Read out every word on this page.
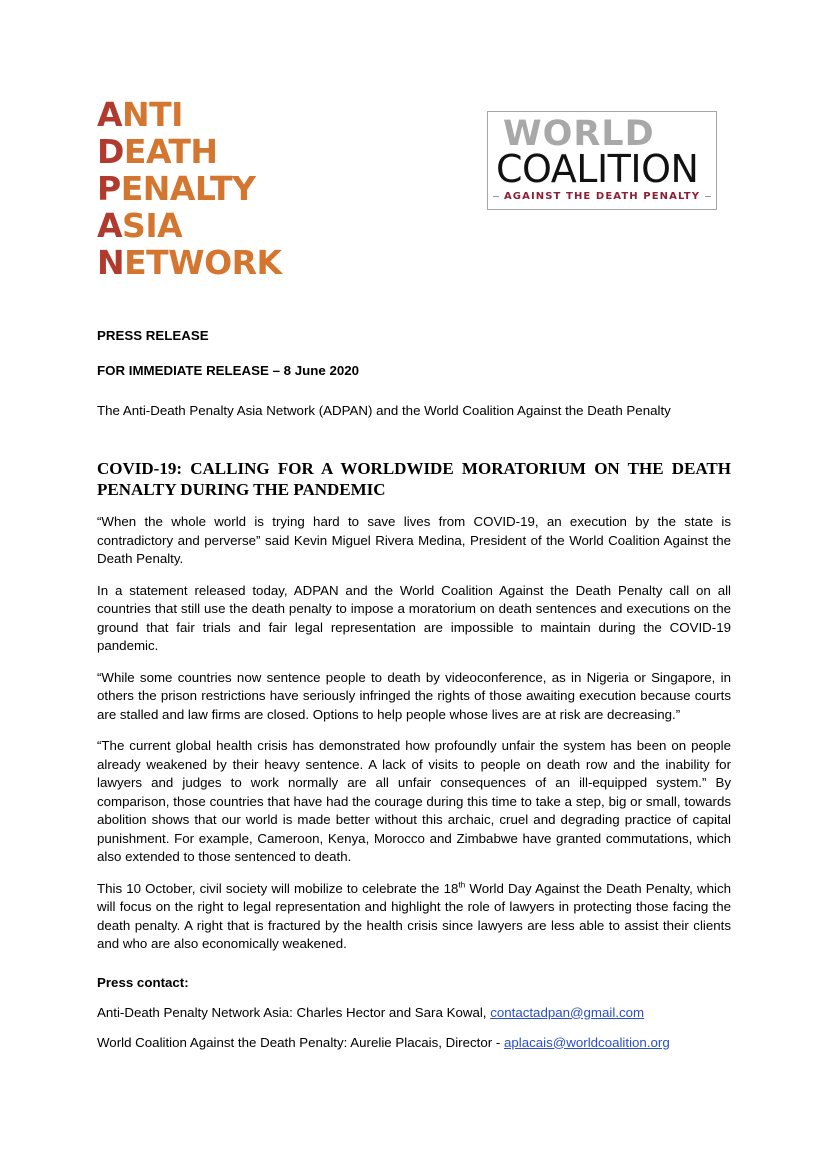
ANTI
DEATH
PENALTY
ASIA
NETWORK
WORLD
COALITION
AGAINST THE DEATH PENALTY

PRESS RELEASE

FOR IMMEDIATE RELEASE – 8 June 2020

The Anti-Death Penalty Asia Network (ADPAN) and the World Coalition Against the Death Penalty

COVID-19: CALLING FOR A WORLDWIDE MORATORIUM ON THE DEATH PENALTY DURING THE PANDEMIC

“When the whole world is trying hard to save lives from COVID-19, an execution by the state is contradictory and perverse” said Kevin Miguel Rivera Medina, President of the World Coalition Against the Death Penalty.

In a statement released today, ADPAN and the World Coalition Against the Death Penalty call on all countries that still use the death penalty to impose a moratorium on death sentences and executions on the ground that fair trials and fair legal representation are impossible to maintain during the COVID-19 pandemic.

“While some countries now sentence people to death by videoconference, as in Nigeria or Singapore, in others the prison restrictions have seriously infringed the rights of those awaiting execution because courts are stalled and law firms are closed. Options to help people whose lives are at risk are decreasing.”

“The current global health crisis has demonstrated how profoundly unfair the system has been on people already weakened by their heavy sentence. A lack of visits to people on death row and the inability for lawyers and judges to work normally are all unfair consequences of an ill-equipped system.” By comparison, those countries that have had the courage during this time to take a step, big or small, towards abolition shows that our world is made better without this archaic, cruel and degrading practice of capital punishment. For example, Cameroon, Kenya, Morocco and Zimbabwe have granted commutations, which also extended to those sentenced to death.

This 10 October, civil society will mobilize to celebrate the 18th World Day Against the Death Penalty, which will focus on the right to legal representation and highlight the role of lawyers in protecting those facing the death penalty. A right that is fractured by the health crisis since lawyers are less able to assist their clients and who are also economically weakened.

Press contact:

Anti-Death Penalty Network Asia: Charles Hector and Sara Kowal, contactadpan@gmail.com

World Coalition Against the Death Penalty: Aurelie Placais, Director - aplacais@worldcoalition.org
